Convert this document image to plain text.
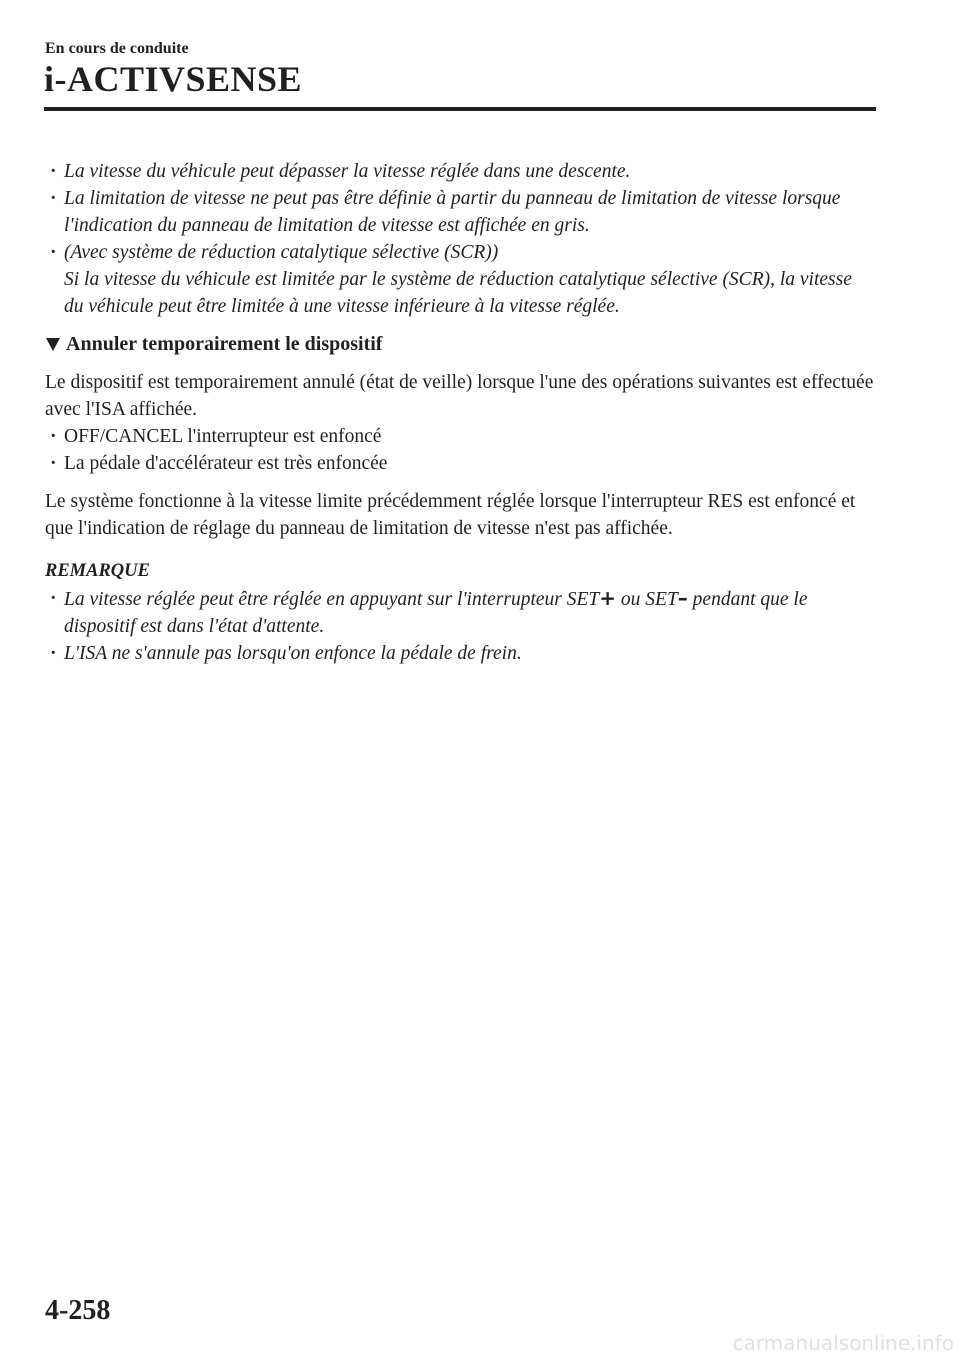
En cours de conduite
i-ACTIVSENSE
· La vitesse du véhicule peut dépasser la vitesse réglée dans une descente.
· La limitation de vitesse ne peut pas être définie à partir du panneau de limitation de vitesse lorsque l'indication du panneau de limitation de vitesse est affichée en gris.
· (Avec système de réduction catalytique sélective (SCR))
Si la vitesse du véhicule est limitée par le système de réduction catalytique sélective (SCR), la vitesse du véhicule peut être limitée à une vitesse inférieure à la vitesse réglée.
Annuler temporairement le dispositif

Le dispositif est temporairement annulé (état de veille) lorsque l'une des opérations suivantes est effectuée avec l'ISA affichée.

· OFF/CANCEL l'interrupteur est enfoncé
· La pédale d'accélérateur est très enfoncée

Le système fonctionne à la vitesse limite précédemment réglée lorsque l'interrupteur RES est enfoncé et que l'indication de réglage du panneau de limitation de vitesse n'est pas affichée.

REMARQUE
· La vitesse réglée peut être réglée en appuyant sur l'interrupteur SET+ ou SET– pendant que le dispositif est dans l'état d'attente.
· L'ISA ne s'annule pas lorsqu'on enfonce la pédale de frein.
4-258
carmanualsonline.info
